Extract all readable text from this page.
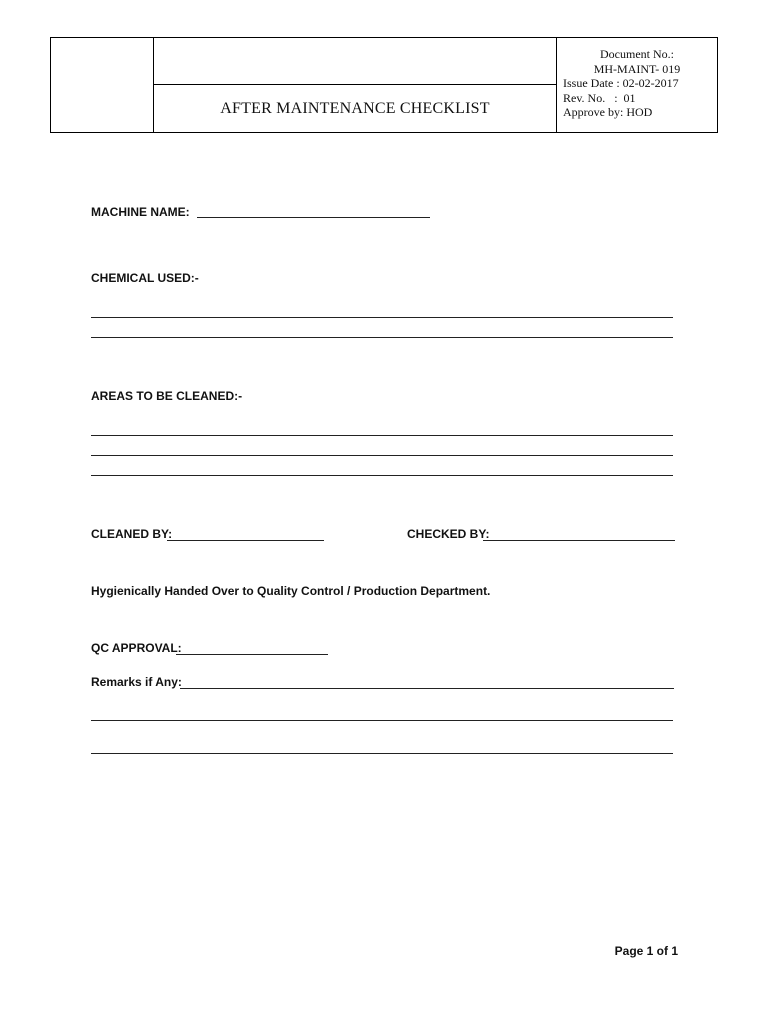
AFTER MAINTENANCE CHECKLIST
Document No.:
MH-MAINT- 019
Issue Date : 02-02-2017
Rev. No.   :  01
Approve by: HOD
MACHINE NAME:
CHEMICAL USED:-
AREAS TO BE CLEANED:-
CLEANED BY:	CHECKED BY:
Hygienically Handed Over to Quality Control / Production Department.
QC APPROVAL:
Remarks if Any:
Page 1 of 1
